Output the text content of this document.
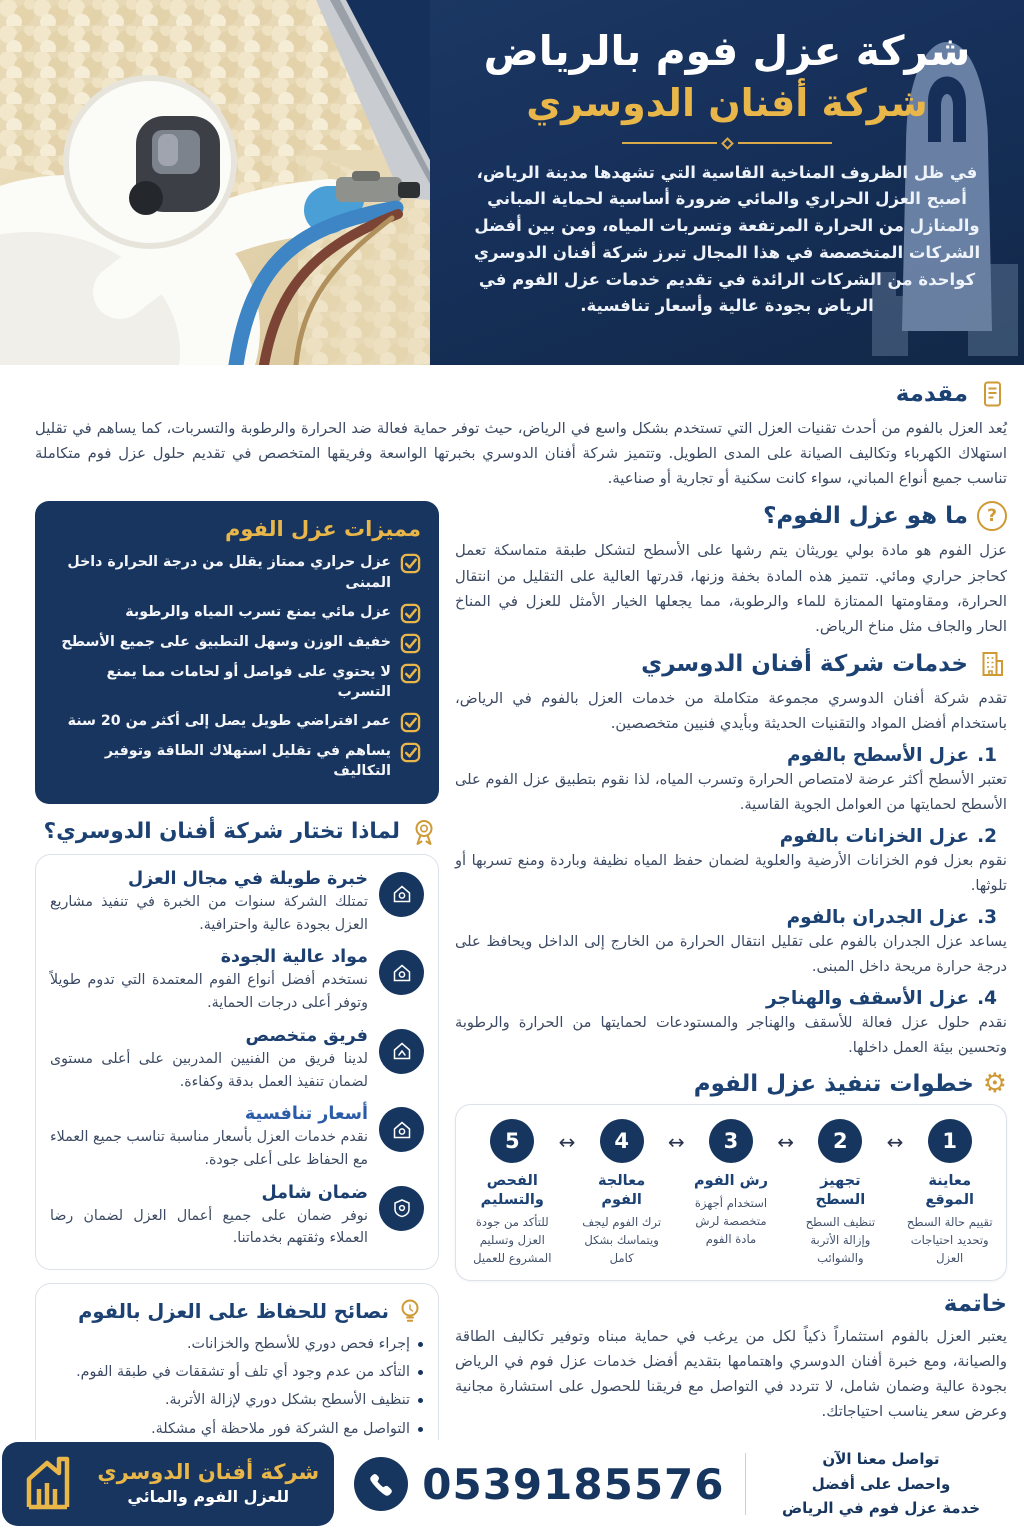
شركة عزل فوم بالرياض
شركة أفنان الدوسري

في ظل الظروف المناخية القاسية التي تشهدها مدينة الرياض، أصبح العزل الحراري والمائي ضرورة أساسية لحماية المباني والمنازل من الحرارة المرتفعة وتسربات المياه، ومن بين أفضل الشركات المتخصصة في هذا المجال تبرز شركة أفنان الدوسري كواحدة من الشركات الرائدة في تقديم خدمات عزل الفوم في الرياض بجودة عالية وأسعار تنافسية.

مقدمة

يُعد العزل بالفوم من أحدث تقنيات العزل التي تستخدم بشكل واسع في الرياض، حيث توفر حماية فعالة ضد الحرارة والرطوبة والتسربات، كما يساهم في تقليل استهلاك الكهرباء وتكاليف الصيانة على المدى الطويل. وتتميز شركة أفنان الدوسري بخبرتها الواسعة وفريقها المتخصص في تقديم حلول عزل فوم متكاملة تناسب جميع أنواع المباني، سواء كانت سكنية أو تجارية أو صناعية.

?
ما هو عزل الفوم؟

عزل الفوم هو مادة بولي يوريثان يتم رشها على الأسطح لتشكل طبقة متماسكة تعمل كحاجز حراري ومائي. تتميز هذه المادة بخفة وزنها، قدرتها العالية على التقليل من انتقال الحرارة، ومقاومتها الممتازة للماء والرطوبة، مما يجعلها الخيار الأمثل للعزل في المناخ الحار والجاف مثل مناخ الرياض.

خدمات شركة أفنان الدوسري

تقدم شركة أفنان الدوسري مجموعة متكاملة من خدمات العزل بالفوم في الرياض، باستخدام أفضل المواد والتقنيات الحديثة وبأيدي فنيين متخصصين.

1.
عزل الأسطح بالفوم

تعتبر الأسطح أكثر عرضة لامتصاص الحرارة وتسرب المياه، لذا نقوم بتطبيق عزل الفوم على الأسطح لحمايتها من العوامل الجوية القاسية.

2.
عزل الخزانات بالفوم

نقوم بعزل فوم الخزانات الأرضية والعلوية لضمان حفظ المياه نظيفة وباردة ومنع تسربها أو تلوثها.

3.
عزل الجدران بالفوم

يساعد عزل الجدران بالفوم على تقليل انتقال الحرارة من الخارج إلى الداخل ويحافظ على درجة حرارة مريحة داخل المبنى.

4.
عزل الأسقف والهناجر

نقدم حلول عزل فعالة للأسقف والهناجر والمستودعات لحمايتها من الحرارة والرطوبة وتحسين بيئة العمل داخلها.

⚙
خطوات تنفيذ عزل الفوم
1
معاينة الموقع
تقييم حالة السطح وتحديد احتياجات العزل
↔
2
تجهيز السطح
تنظيف السطح وإزالة الأتربة والشوائب
↔
3
رش الفوم
استخدام أجهزة متخصصة لرش مادة الفوم
↔
4
معالجة الفوم
ترك الفوم ليجف ويتماسك بشكل كامل
↔
5
الفحص والتسليم
للتأكد من جودة العزل وتسليم المشروع للعميل
خاتمة

يعتبر العزل بالفوم استثماراً ذكياً لكل من يرغب في حماية مبناه وتوفير تكاليف الطاقة والصيانة، ومع خبرة أفنان الدوسري واهتمامها بتقديم أفضل خدمات عزل فوم في الرياض بجودة عالية وضمان شامل، لا تتردد في التواصل مع فريقنا للحصول على استشارة مجانية وعرض سعر يناسب احتياجاتك.

مميزات عزل الفوم
عزل حراري ممتاز يقلل من درجة الحرارة داخل المبنى
عزل مائي يمنع تسرب المياه والرطوبة
خفيف الوزن وسهل التطبيق على جميع الأسطح
لا يحتوي على فواصل أو لحامات مما يمنع التسرب
عمر افتراضي طويل يصل إلى أكثر من 20 سنة
يساهم في تقليل استهلاك الطاقة وتوفير التكاليف
لماذا تختار شركة أفنان الدوسري؟
خبرة طويلة في مجال العزل
تمتلك الشركة سنوات من الخبرة في تنفيذ مشاريع العزل بجودة عالية واحترافية.
مواد عالية الجودة
نستخدم أفضل أنواع الفوم المعتمدة التي تدوم طويلاً وتوفر أعلى درجات الحماية.
فريق متخصص
لدينا فريق من الفنيين المدربين على أعلى مستوى لضمان تنفيذ العمل بدقة وكفاءة.
أسعار تنافسية
نقدم خدمات العزل بأسعار مناسبة تناسب جميع العملاء مع الحفاظ على أعلى جودة.
ضمان شامل
نوفر ضمان على جميع أعمال العزل لضمان رضا العملاء وثقتهم بخدماتنا.
نصائح للحفاظ على العزل بالفوم
إجراء فحص دوري للأسطح والخزانات.
التأكد من عدم وجود أي تلف أو تشققات في طبقة الفوم.
تنظيف الأسطح بشكل دوري لإزالة الأتربة.
التواصل مع الشركة فور ملاحظة أي مشكلة.
تواصل معنا الآن
واحصل على أفضل
خدمة عزل فوم في الرياض
0539185576
شركة أفنان الدوسري
للعزل الفوم والمائي
